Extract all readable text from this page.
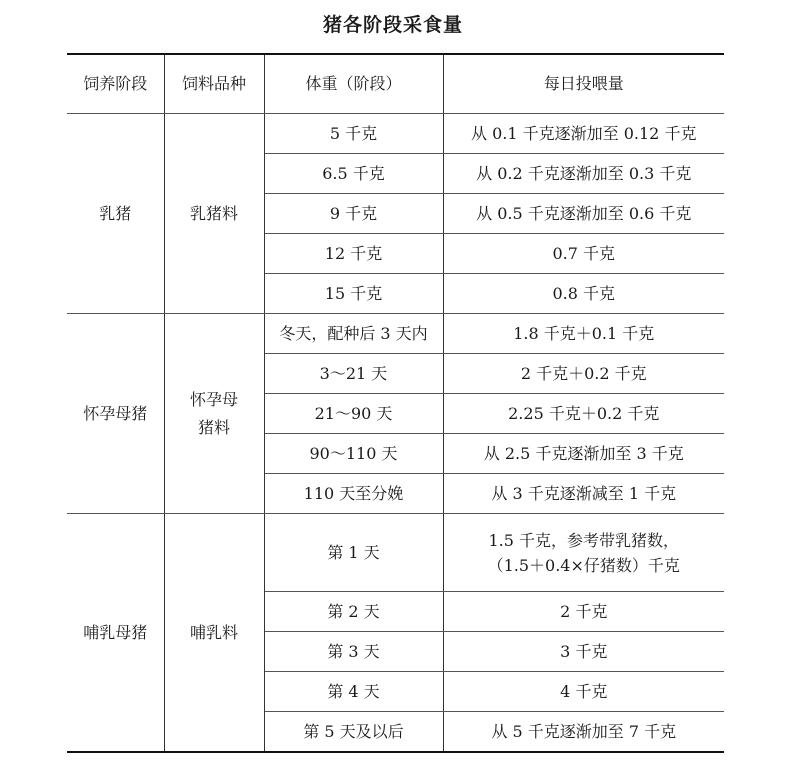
猪各阶段采食量
饲养阶段	饲料品种	体重（阶段）	每日投喂量
乳猪	乳猪料	5 千克	从 0.1 千克逐渐加至 0.12 千克
		6.5 千克	从 0.2 千克逐渐加至 0.3 千克
		9 千克	从 0.5 千克逐渐加至 0.6 千克
		12 千克	0.7 千克
		15 千克	0.8 千克
怀孕母猪	怀孕母猪料	冬天，配种后 3 天内	1.8 千克＋0.1 千克
		3～21 天	2 千克＋0.2 千克
		21～90 天	2.25 千克＋0.2 千克
		90～110 天	从 2.5 千克逐渐加至 3 千克
		110 天至分娩	从 3 千克逐渐减至 1 千克
哺乳母猪	哺乳料	第 1 天	1.5 千克，参考带乳猪数，
（1.5＋0.4×仔猪数）千克

		第 2 天	2 千克
		第 3 天	3 千克
		第 4 天	4 千克
		第 5 天及以后	从 5 千克逐渐加至 7 千克
